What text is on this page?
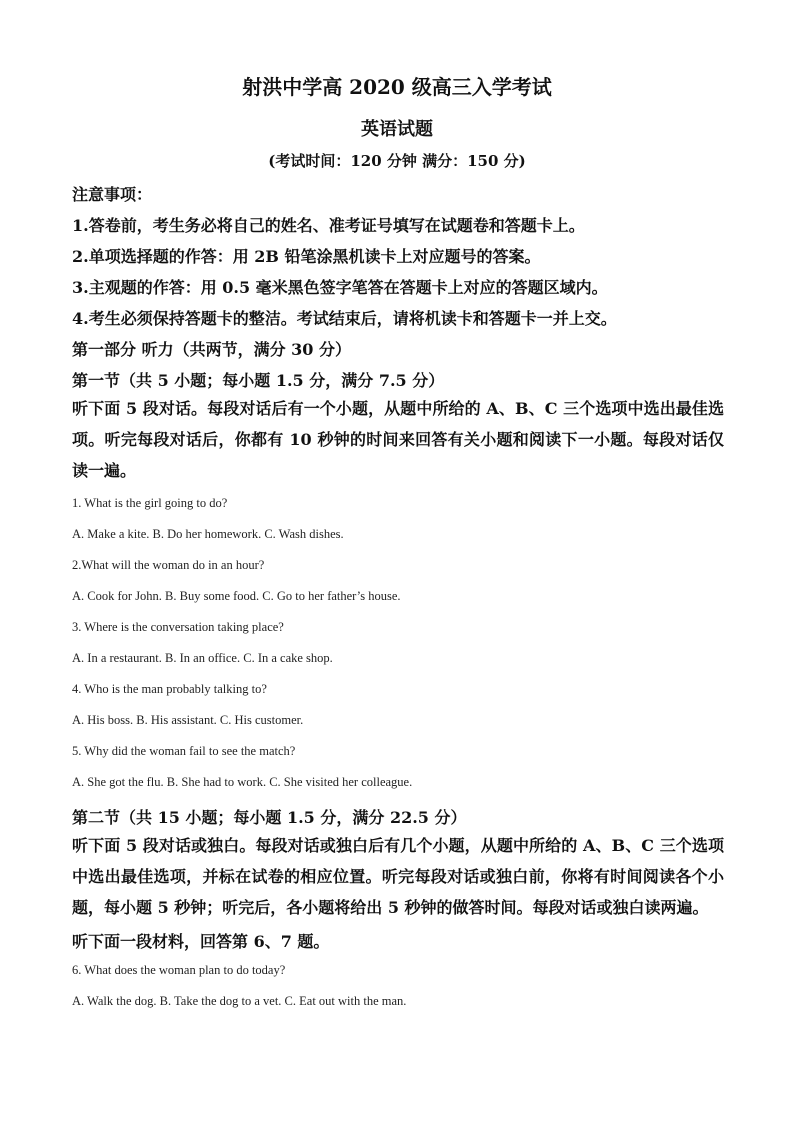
射洪中学高 2020 级高三入学考试
英语试题
(考试时间：120 分钟 满分：150 分)
注意事项：
1.答卷前，考生务必将自己的姓名、准考证号填写在试题卷和答题卡上。
2.单项选择题的作答：用 2B 铅笔涂黑机读卡上对应题号的答案。
3.主观题的作答：用 0.5 毫米黑色签字笔答在答题卡上对应的答题区域内。
4.考生必须保持答题卡的整洁。考试结束后，请将机读卡和答题卡一并上交。
第一部分 听力（共两节，满分 30 分）
第一节（共 5 小题；每小题 1.5 分，满分 7.5 分）
听下面 5 段对话。每段对话后有一个小题，从题中所给的 A、B、C 三个选项中选出最佳选项。听完每段对话后，你都有 10 秒钟的时间来回答有关小题和阅读下一小题。每段对话仅读一遍。
1. What is the girl going to do?
A. Make a kite. B. Do her homework. C. Wash dishes.
2.What will the woman do in an hour?
A. Cook for John. B. Buy some food. C. Go to her father’s house.
3. Where is the conversation taking place?
A. In a restaurant. B. In an office. C. In a cake shop.
4. Who is the man probably talking to?
A. His boss. B. His assistant. C. His customer.
5. Why did the woman fail to see the match?
A. She got the flu. B. She had to work. C. She visited her colleague.
第二节（共 15 小题；每小题 1.5 分，满分 22.5 分）
听下面 5 段对话或独白。每段对话或独白后有几个小题，从题中所给的 A、B、C 三个选项中选出最佳选项，并标在试卷的相应位置。听完每段对话或独白前，你将有时间阅读各个小题，每小题 5 秒钟；听完后，各小题将给出 5 秒钟的做答时间。每段对话或独白读两遍。
听下面一段材料，回答第 6、7 题。
6. What does the woman plan to do today?
A. Walk the dog. B. Take the dog to a vet. C. Eat out with the man.
